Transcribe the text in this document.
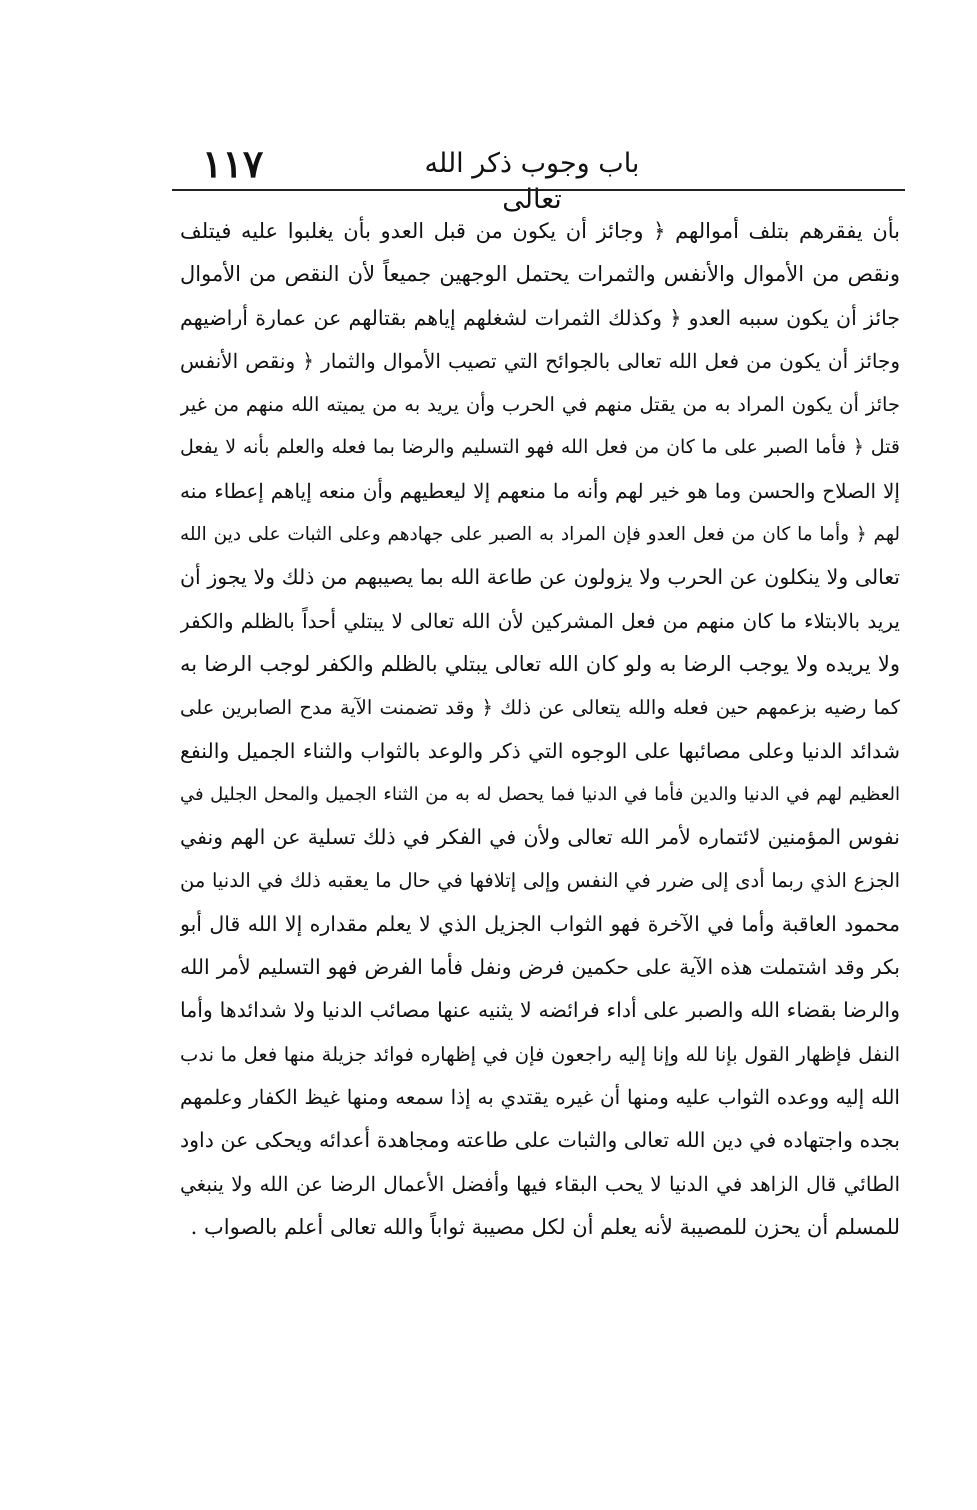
١١٧	باب وجوب ذكر الله تعالى
بأن يفقرهم بتلف أموالهم ﴿ وجائز أن يكون من قبل العدو بأن يغلبوا عليه فيتلف
ونقص من الأموال والأنفس والثمرات يحتمل الوجهين جميعاً لأن النقص من الأموال
جائز أن يكون سببه العدو ﴿ وكذلك الثمرات لشغلهم إياهم بقتالهم عن عمارة أراضيهم
وجائز أن يكون من فعل الله تعالى بالجوائح التي تصيب الأموال والثمار ﴿ ونقص الأنفس
جائز أن يكون المراد به من يقتل منهم في الحرب وأن يريد به من يميته الله منهم من غير
قتل ﴿ فأما الصبر على ما كان من فعل الله فهو التسليم والرضا بما فعله والعلم بأنه لا يفعل
إلا الصلاح والحسن وما هو خير لهم وأنه ما منعهم إلا ليعطيهم وأن منعه إياهم إعطاء منه
لهم ﴿ وأما ما كان من فعل العدو فإن المراد به الصبر على جهادهم وعلى الثبات على دين الله
تعالى ولا ينكلون عن الحرب ولا يزولون عن طاعة الله بما يصيبهم من ذلك ولا يجوز أن
يريد بالابتلاء ما كان منهم من فعل المشركين لأن الله تعالى لا يبتلي أحداً بالظلم والكفر
ولا يريده ولا يوجب الرضا به ولو كان الله تعالى يبتلي بالظلم والكفر لوجب الرضا به
كما رضيه بزعمهم حين فعله والله يتعالى عن ذلك ﴿ وقد تضمنت الآية مدح الصابرين على
شدائد الدنيا وعلى مصائبها على الوجوه التي ذكر والوعد بالثواب والثناء الجميل والنفع
العظيم لهم في الدنيا والدين فأما في الدنيا فما يحصل له به من الثناء الجميل والمحل الجليل في
نفوس المؤمنين لائتماره لأمر الله تعالى ولأن في الفكر في ذلك تسلية عن الهم ونفي
الجزع الذي ربما أدى إلى ضرر في النفس وإلى إتلافها في حال ما يعقبه ذلك في الدنيا من
محمود العاقبة وأما في الآخرة فهو الثواب الجزيل الذي لا يعلم مقداره إلا الله قال أبو
بكر وقد اشتملت هذه الآية على حكمين فرض ونفل فأما الفرض فهو التسليم لأمر الله
والرضا بقضاء الله والصبر على أداء فرائضه لا يثنيه عنها مصائب الدنيا ولا شدائدها وأما
النفل فإظهار القول بإنا لله وإنا إليه راجعون فإن في إظهاره فوائد جزيلة منها فعل ما ندب
الله إليه ووعده الثواب عليه ومنها أن غيره يقتدي به إذا سمعه ومنها غيظ الكفار وعلمهم
بجده واجتهاده في دين الله تعالى والثبات على طاعته ومجاهدة أعدائه ويحكى عن داود
الطائي قال الزاهد في الدنيا لا يحب البقاء فيها وأفضل الأعمال الرضا عن الله ولا ينبغي
للمسلم أن يحزن للمصيبة لأنه يعلم أن لكل مصيبة ثواباً والله تعالى أعلم بالصواب .
